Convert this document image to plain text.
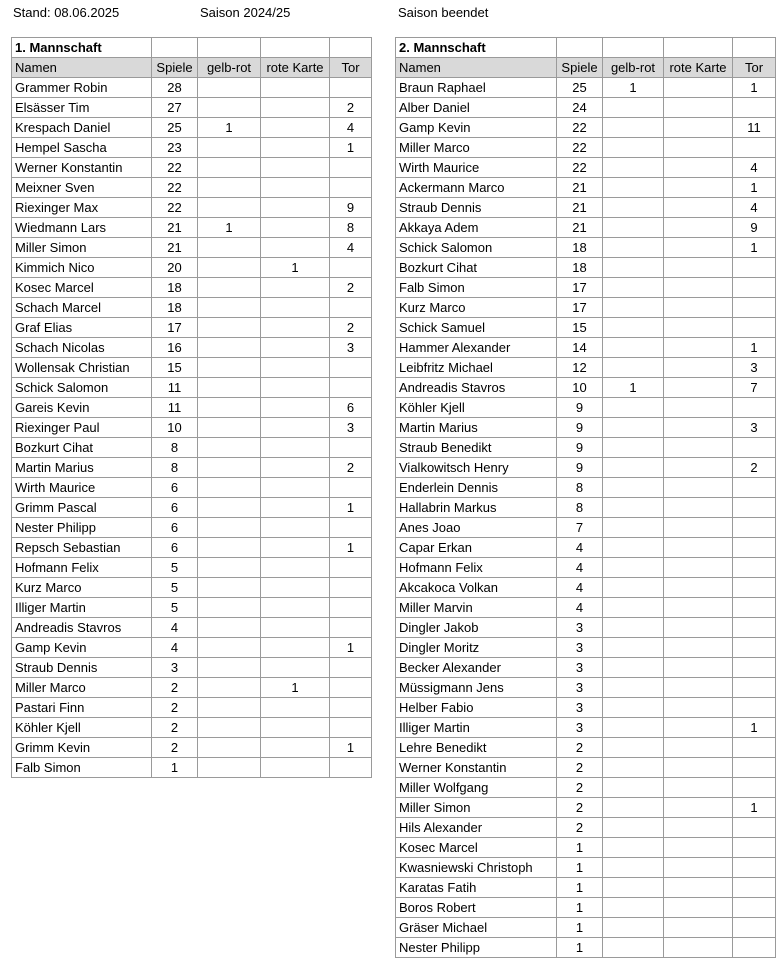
Stand: 08.06.2025	Saison 2024/25	Saison beendet
1. Mannschaft				
Namen	Spiele	gelb-rot	rote Karte	Tor
Grammer Robin	28			
Elsässer Tim	27			2
Krespach Daniel	25	1		4
Hempel Sascha	23			1
Werner Konstantin	22			
Meixner Sven	22			
Riexinger Max	22			9
Wiedmann Lars	21	1		8
Miller Simon	21			4
Kimmich Nico	20		1	
Kosec Marcel	18			2
Schach Marcel	18			
Graf Elias	17			2
Schach Nicolas	16			3
Wollensak Christian	15			
Schick Salomon	11			
Gareis Kevin	11			6
Riexinger Paul	10			3
Bozkurt Cihat	8			
Martin Marius	8			2
Wirth Maurice	6			
Grimm Pascal	6			1
Nester Philipp	6			
Repsch Sebastian	6			1
Hofmann Felix	5			
Kurz Marco	5			
Illiger Martin	5			
Andreadis Stavros	4			
Gamp Kevin	4			1
Straub Dennis	3			
Miller Marco	2		1	
Pastari Finn	2			
Köhler Kjell	2			
Grimm Kevin	2			1
Falb Simon	1			
2. Mannschaft				
Namen	Spiele	gelb-rot	rote Karte	Tor
Braun Raphael	25	1		1
Alber Daniel	24			
Gamp Kevin	22			11
Miller Marco	22			
Wirth Maurice	22			4
Ackermann Marco	21			1
Straub Dennis	21			4
Akkaya Adem	21			9
Schick Salomon	18			1
Bozkurt Cihat	18			
Falb Simon	17			
Kurz Marco	17			
Schick Samuel	15			
Hammer Alexander	14			1
Leibfritz Michael	12			3
Andreadis Stavros	10	1		7
Köhler Kjell	9			
Martin Marius	9			3
Straub Benedikt	9			
Vialkowitsch Henry	9			2
Enderlein Dennis	8			
Hallabrin Markus	8			
Anes Joao	7			
Capar Erkan	4			
Hofmann Felix	4			
Akcakoca Volkan	4			
Miller Marvin	4			
Dingler Jakob	3			
Dingler Moritz	3			
Becker Alexander	3			
Müssigmann Jens	3			
Helber Fabio	3			
Illiger Martin	3			1
Lehre Benedikt	2			
Werner Konstantin	2			
Miller Wolfgang	2			
Miller Simon	2			1
Hils Alexander	2			
Kosec Marcel	1			
Kwasniewski Christoph	1			
Karatas Fatih	1			
Boros Robert	1			
Gräser Michael	1			
Nester Philipp	1			
